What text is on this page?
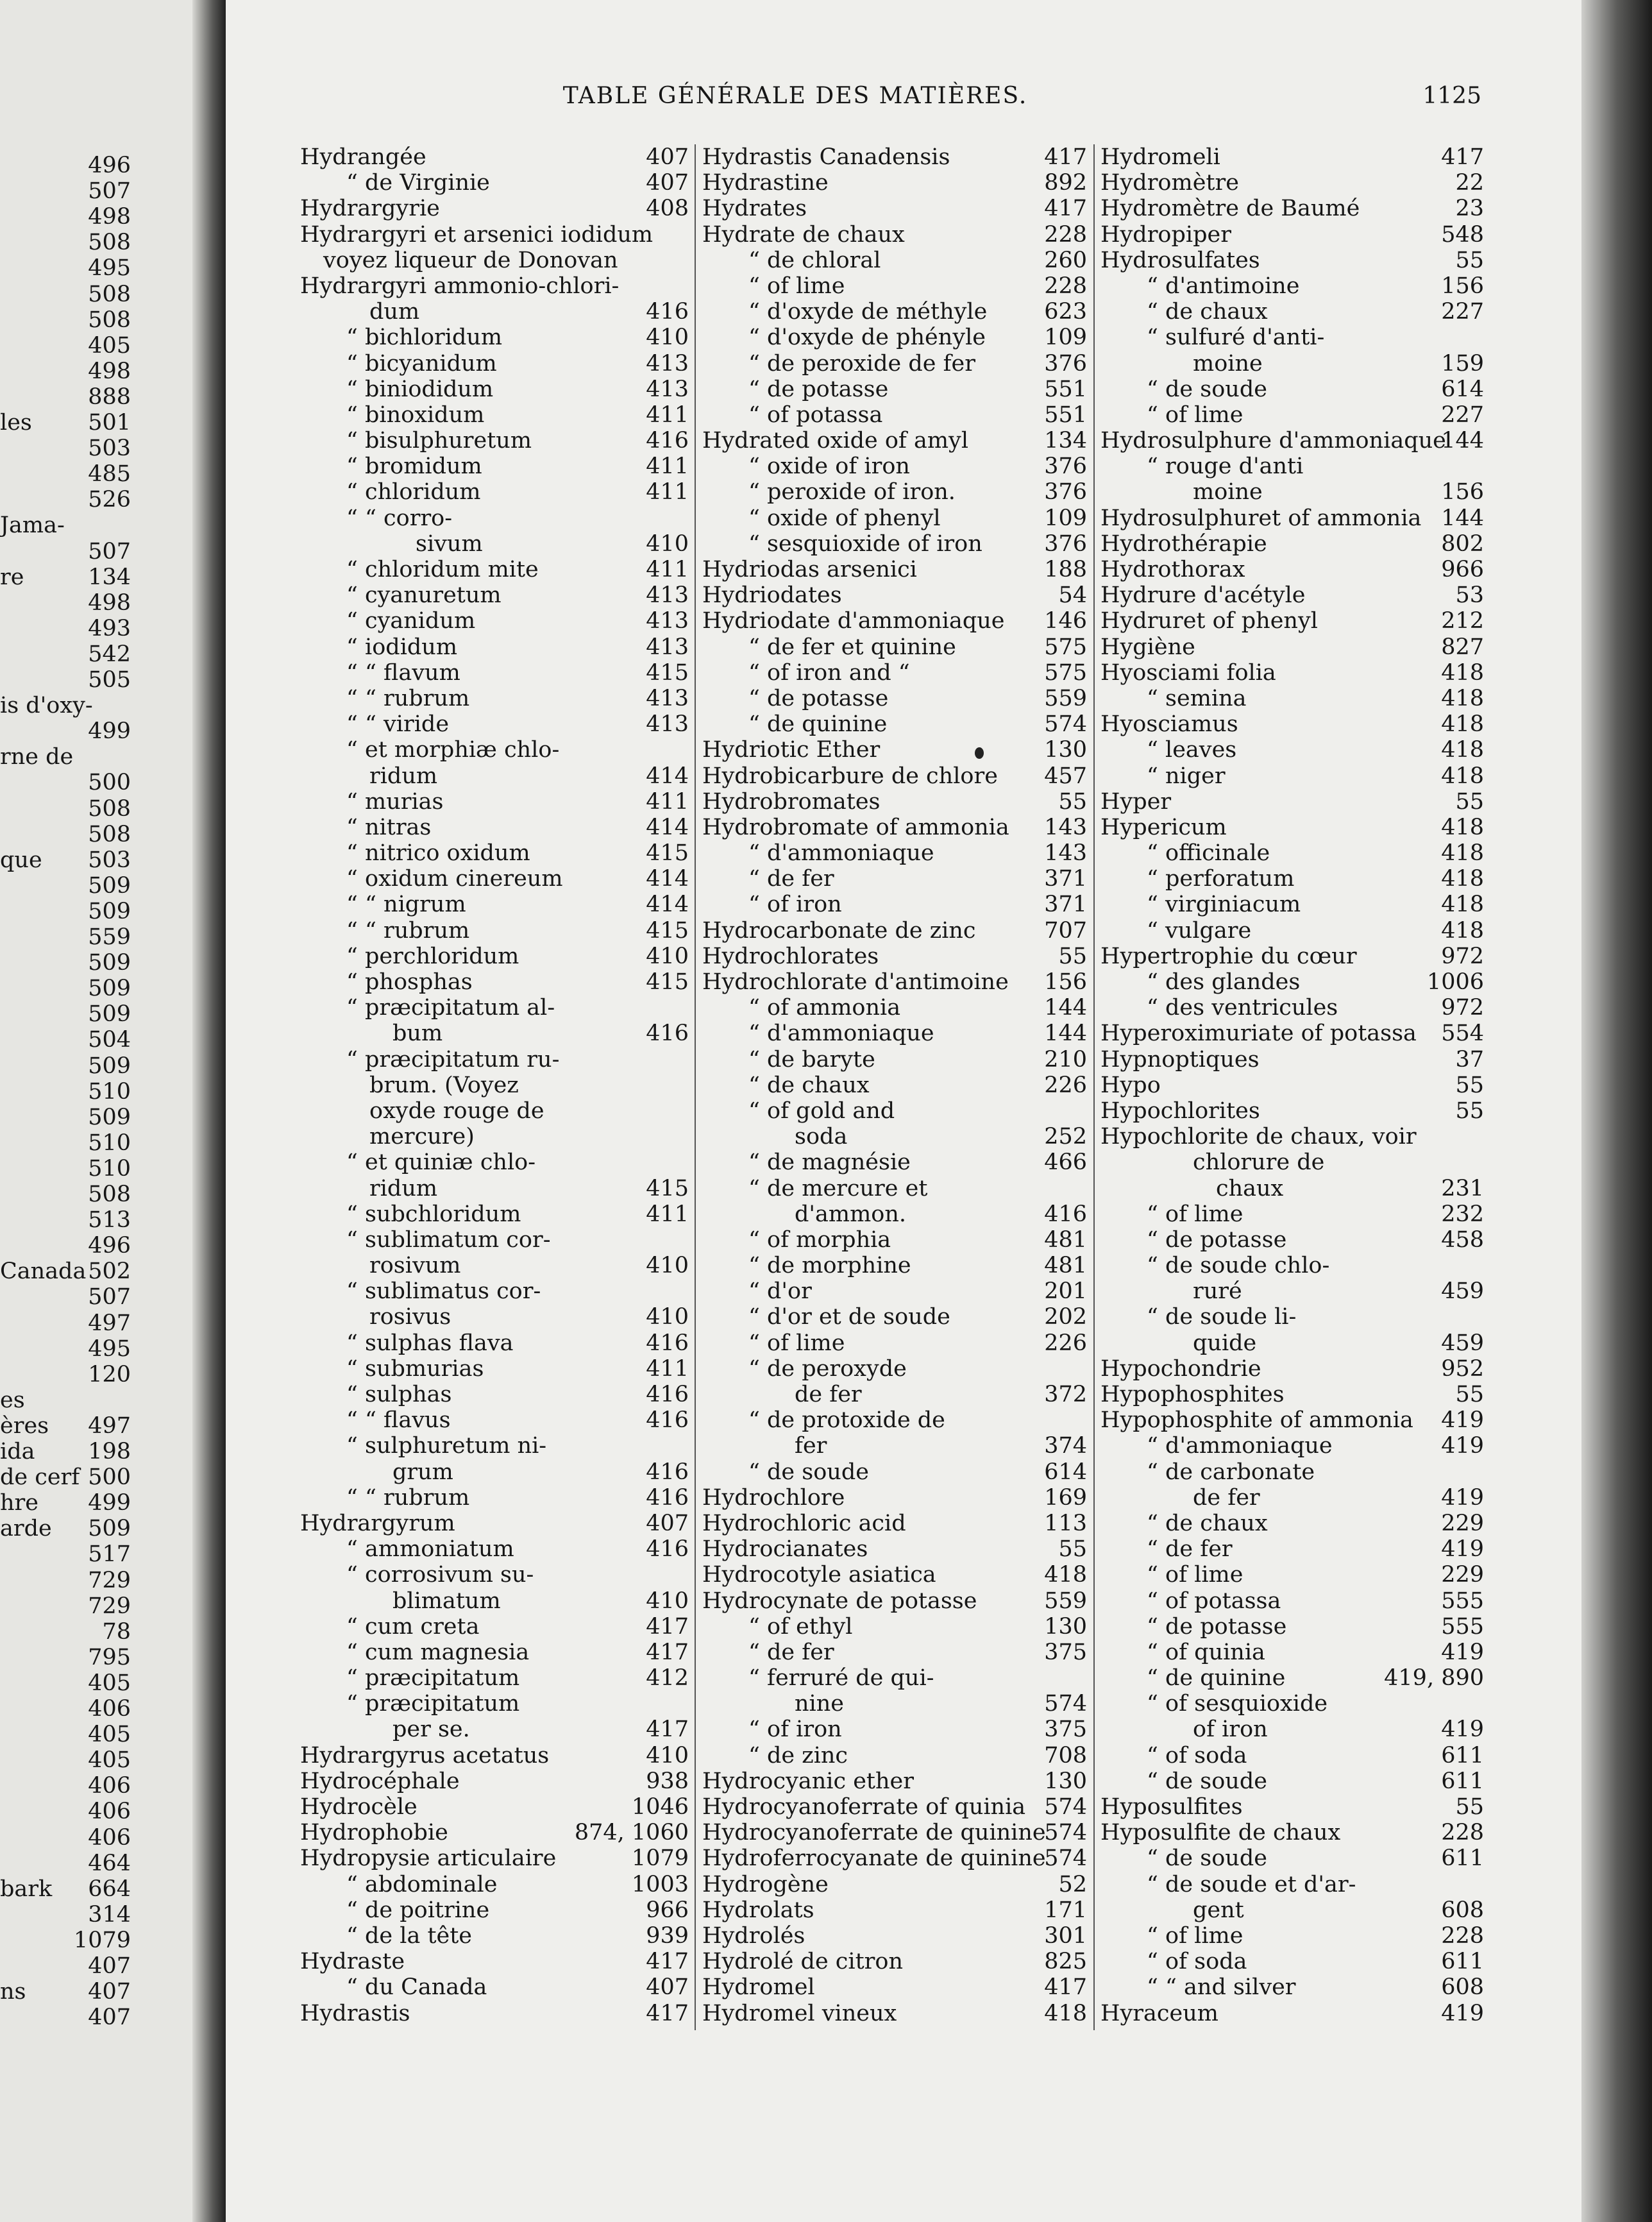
496
507
498
508
495
508
508
405
498
888
les 501
503
485
526
Jama-
507
re	134
498
493
542
505
is d'oxy-
499
rne de
500
508
508
que 503
509
509
559
509
509
509
504
509
510
509
510
510
508
513
496
Canada 502
507
497
495
120
es
ères 497
ida 198
de cerf 500
hre 499
arde 509
517
729
729
78
795
405
406
405
405
406
406
406
464
bark 664
314
1079
407
ns	407
407
TABLE GÉNÉRALE DES MATIÈRES.	1125
Hydrangée	407
“ de Virginie	407
Hydrargyrie	408
Hydrargyri et arsenici iodidum
voyez liqueur de Donovan
Hydrargyri ammonio-chlori-
dum	416
“ bichloridum	410
“ bicyanidum	413
“ biniodidum	413
“ binoxidum	411
“ bisulphuretum	416
“ bromidum	411
“ chloridum	411
“ “ corro-
sivum	410
“ chloridum mite	411
“ cyanuretum	413
“ cyanidum	413
“ iodidum	413
“ “ flavum	415
“ “ rubrum	413
“ “ viride	413
“ et morphiæ chlo-
ridum	414
“ murias	411
“ nitras	414
“ nitrico oxidum	415
“ oxidum cinereum	414
“ “ nigrum	414
“ “ rubrum	415
“ perchloridum	410
“ phosphas	415
“ præcipitatum al-
bum	416
“ præcipitatum ru-
brum. (Voyez
oxyde rouge de
mercure)
“ et quiniæ chlo-
ridum	415
“ subchloridum	411
“ sublimatum cor-
rosivum	410
“ sublimatus cor-
rosivus	410
“ sulphas flava	416
“ submurias	411
“ sulphas	416
“ “ flavus	416
“ sulphuretum ni-
grum	416
“ “ rubrum	416
Hydrargyrum	407
“ ammoniatum	416
“ corrosivum su-
blimatum	410
“ cum creta	417
“ cum magnesia	417
“ præcipitatum	412
“ præcipitatum
per se.	417
Hydrargyrus acetatus	410
Hydrocéphale	938
Hydrocèle	1046
Hydrophobie	874, 1060
Hydropysie articulaire	1079
“ abdominale	1003
“ de poitrine	966
“ de la tête	939
Hydraste	417
“ du Canada	407
Hydrastis	417
Hydrastis Canadensis	417
Hydrastine	892
Hydrates	417
Hydrate de chaux	228
“ de chloral	260
“ of lime	228
“ d'oxyde de méthyle	623
“ d'oxyde de phényle	109
“ de peroxide de fer	376
“ de potasse	551
“ of potassa	551
Hydrated oxide of amyl	134
“ oxide of iron	376
“ peroxide of iron.	376
“ oxide of phenyl	109
“ sesquioxide of iron	376
Hydriodas arsenici	188
Hydriodates	54
Hydriodate d'ammoniaque 146
“ de fer et quinine	575
“ of iron and “	575
“ de potasse	559
“ de quinine	574
Hydriotic Ether	130
Hydrobicarbure de chlore 457
Hydrobromates	55
Hydrobromate of ammonia 143
“ d'ammoniaque	143
“ de fer	371
“ of iron	371
Hydrocarbonate de zinc	707
Hydrochlorates	55
Hydrochlorate d'antimoine 156
“ of ammonia	144
“ d'ammoniaque	144
“ de baryte	210
“ de chaux	226
“ of gold and
soda	252
“ de magnésie	466
“ de mercure et
d'ammon.	416
“ of morphia	481
“ de morphine	481
“ d'or	201
“ d'or et de soude	202
“ of lime	226
“ de peroxyde
de fer	372
“ de protoxide de
fer	374
“ de soude	614
Hydrochlore	169
Hydrochloric acid	113
Hydrocianates	55
Hydrocotyle asiatica	418
Hydrocynate de potasse	559
“ of ethyl	130
“ de fer	375
“ ferruré de qui-
nine	574
“ of iron	375
“ de zinc	708
Hydrocyanic ether	130
Hydrocyanoferrate of quinia 574
Hydrocyanoferrate de quinine
574
Hydroferrocyanate de quinine
574
Hydrogène	52
Hydrolats	171
Hydrolés	301
Hydrolé de citron	825
Hydromel	417
Hydromel vineux	418
Hydromeli	417
Hydromètre	22
Hydromètre de Baumé	23
Hydropiper	548
Hydrosulfates	55
“ d'antimoine	156
“ de chaux	227
“ sulfuré d'anti-
moine	159
“ de soude	614
“ of lime	227
Hydrosulphure d'ammoniaque
144
“ rouge d'anti
moine	156
Hydrosulphuret of ammonia 144
Hydrothérapie	802
Hydrothorax	966
Hydrure d'acétyle	53
Hydruret of phenyl	212
Hygiène	827
Hyosciami folia	418
“ semina	418
Hyosciamus	418
“ leaves	418
“ niger	418
Hyper	55
Hypericum	418
“ officinale	418
“ perforatum	418
“ virginiacum	418
“ vulgare	418
Hypertrophie du cœur	972
“ des glandes	1006
“ des ventricules	972
Hyperoximuriate of potassa 554
Hypnoptiques	37
Hypo	55
Hypochlorites	55
Hypochlorite de chaux, voir
chlorure de
chaux	231
“ of lime	232
“ de potasse	458
“ de soude chlo-
ruré	459
“ de soude li-
quide	459
Hypochondrie	952
Hypophosphites	55
Hypophosphite of ammonia 419
“ d'ammoniaque	419
“ de carbonate
de fer	419
“ de chaux	229
“ de fer	419
“ of lime	229
“ of potassa	555
“ de potasse	555
“ of quinia	419
“ de quinine	419, 890
“ of sesquioxide
of iron	419
“ of soda	611
“ de soude	611
Hyposulfites	55
Hyposulfite de chaux	228
“ de soude	611
“ de soude et d'ar-
gent	608
“ of lime	228
“ of soda	611
“ “ and silver	608
Hyraceum	419
